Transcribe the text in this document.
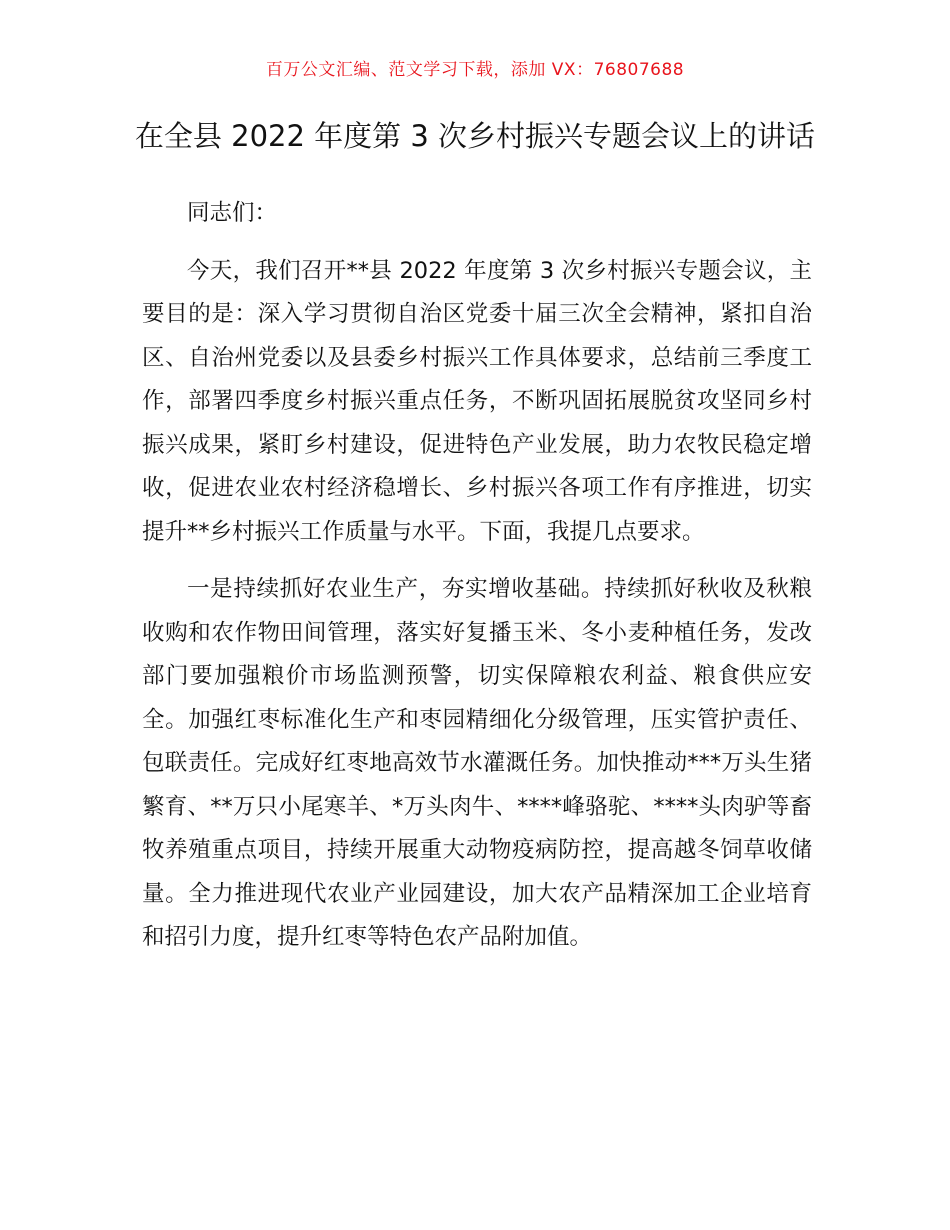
百万公文汇编、范文学习下载，添加 VX：76807688
在全县 2022 年度第 3 次乡村振兴专题会议上的讲话

同志们：

今天，我们召开**县 2022 年度第 3 次乡村振兴专题会议，主要目的是：深入学习贯彻自治区党委十届三次全会精神，紧扣自治区、自治州党委以及县委乡村振兴工作具体要求，总结前三季度工作，部署四季度乡村振兴重点任务，不断巩固拓展脱贫攻坚同乡村振兴成果，紧盯乡村建设，促进特色产业发展，助力农牧民稳定增收，促进农业农村经济稳增长、乡村振兴各项工作有序推进，切实提升**乡村振兴工作质量与水平。下面，我提几点要求。

一是持续抓好农业生产，夯实增收基础。持续抓好秋收及秋粮收购和农作物田间管理，落实好复播玉米、冬小麦种植任务，发改部门要加强粮价市场监测预警，切实保障粮农利益、粮食供应安全。加强红枣标准化生产和枣园精细化分级管理，压实管护责任、包联责任。完成好红枣地高效节水灌溉任务。加快推动***万头生猪繁育、**万只小尾寒羊、*万头肉牛、****峰骆驼、****头肉驴等畜牧养殖重点项目，持续开展重大动物疫病防控，提高越冬饲草收储量。全力推进现代农业产业园建设，加大农产品精深加工企业培育和招引力度，提升红枣等特色农产品附加值。
